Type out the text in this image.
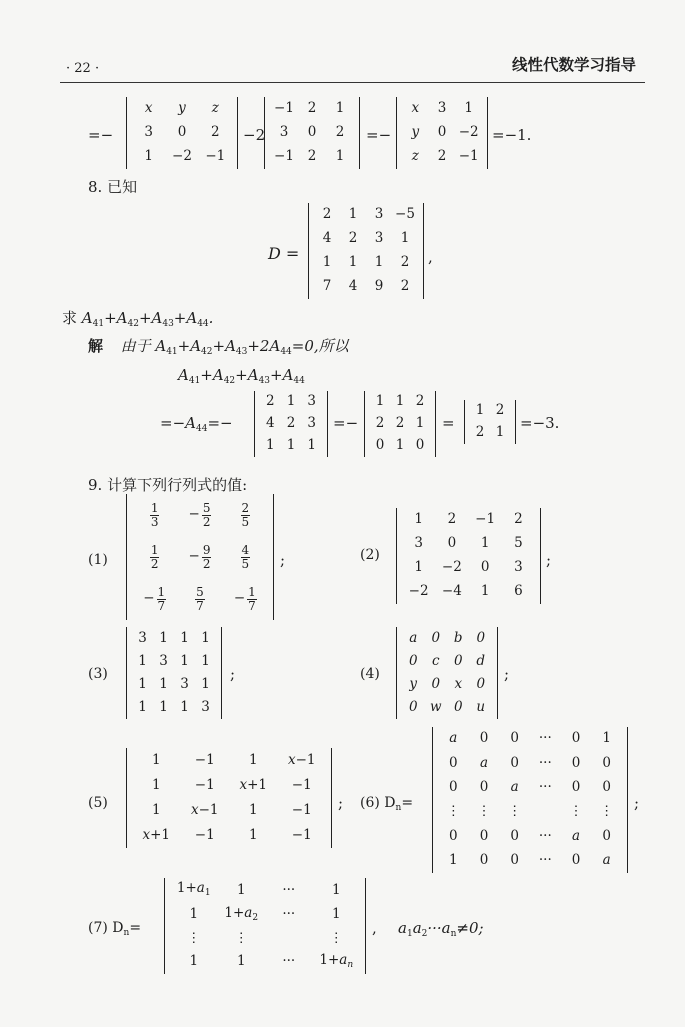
· 22 ·	线性代数学习指导
=−
x y z
3 0 2
1 −2 −1
−2
−1 2 1
3 0 2
−1 2 1
=−
x 3 1
y 0 −2
z 2 −1
=−1.
8. 已知
D =
2 1 3 −5
4 2 3 1
1 1 1 2
7 4 9 2
,
求 $A_{41}+A_{42}+A_{43}+A_{44}$.
解 由于 $A_{41}+A_{42}+A_{43}+2A_{44}=0$,所以
$A_{41}+A_{42}+A_{43}+A_{44}$
$=-A_{44}=-$
2 1 3
4 2 3
1 1 1
=−
1 1 2
2 2 1
0 1 0
=
1 2
2 1
=−3.
9. 计算下列行列式的值:
(1)
$\frac{1}{3} - \frac{5}{2} \frac{2}{5}$
$\frac{1}{2} - \frac{9}{2} \frac{4}{5}$
− $\frac{1}{7} \frac{5}{7} - \frac{1}{7}$
;	(2)
1 2 −1 2
3 0 1 5
1 −2 0 3
−2 −4 1 6
;
(3)
3 1 1 1
1 3 1 1
1 1 3 1
1 1 1 3
;	(4)
a 0 b 0
0 c 0 d
y 0 x 0
0 w 0 u
;
(5)
1	−1	1 x−1
1	−1 x+1 −1
1 x−1 1	−1
x+1 −1	1	−1
; (6) $D_n=$
a 0 0 ··· 0 1
0 a 0 ··· 0 0
0 0 a ··· 0 0
⋮ ⋮ ⋮	⋮ ⋮
0 0 0 ··· a 0
1 0 0 ··· 0 a
;
(7) $D_n=$
$1+a_1$ 1	···	1
1 $1+a_2$ ···	1
⋮	⋮	⋮
1	1	··· $1+a_n$
, $a_1a_2\cdot\cdot\cdot a_n\ne 0$;
